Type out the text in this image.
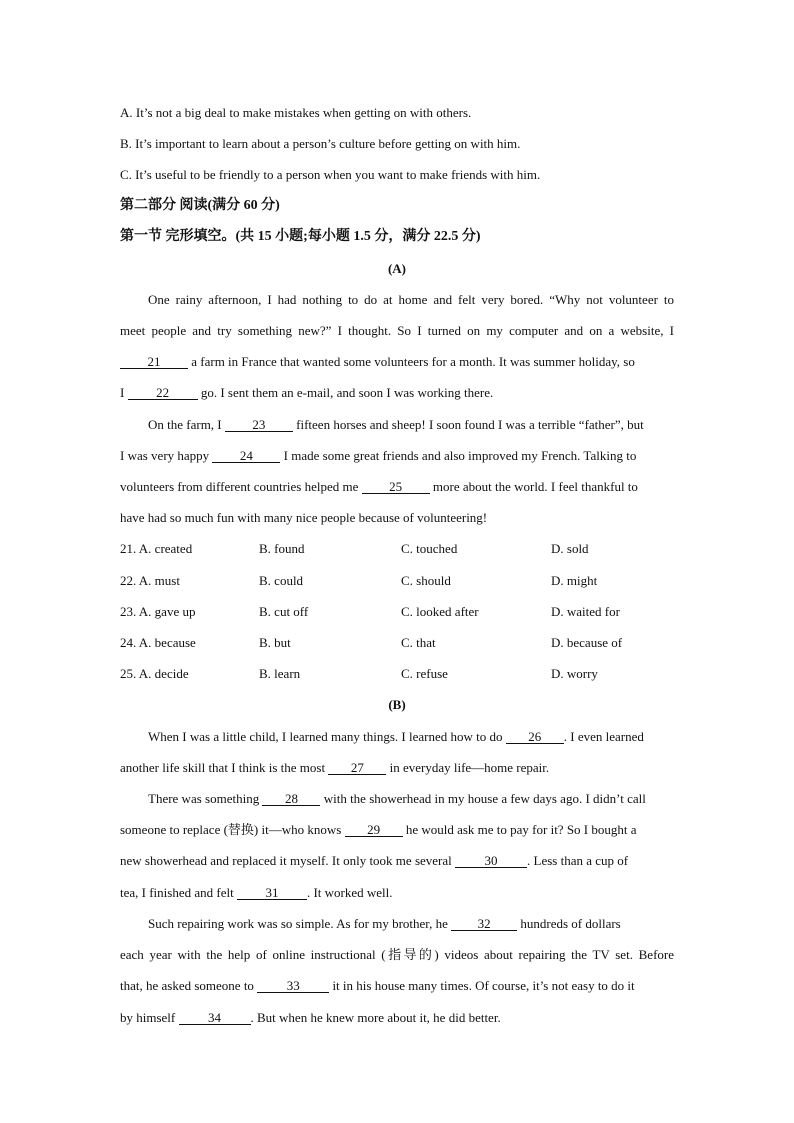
A. It’s not a big deal to make mistakes when getting on with others.
B. It’s important to learn about a person’s culture before getting on with him.
C. It’s useful to be friendly to a person when you want to make friends with him.
第二部分 阅读(满分 60 分)
第一节 完形填空。(共 15 小题;每小题 1.5 分，满分 22.5 分)
(A)
One rainy afternoon, I had nothing to do at home and felt very bored. “Why not volunteer to
meet people and try something new?” I thought. So I turned on my computer and on a website, I
21 a farm in France that wanted some volunteers for a month. It was summer holiday, so
I 22 go. I sent them an e-mail, and soon I was working there.
On the farm, I 23 fifteen horses and sheep! I soon found I was a terrible “father”, but
I was very happy 24 I made some great friends and also improved my French. Talking to
volunteers from different countries helped me 25 more about the world. I feel thankful to
have had so much fun with many nice people because of volunteering!
21. A. created	B. found	C. touched	D. sold
22. A. must	B. could	C. should	D. might
23. A. gave up	B. cut off	C. looked after	D. waited for
24. A. because	B. but	C. that	D. because of
25. A. decide	B. learn	C. refuse	D. worry
(B)
When I was a little child, I learned many things. I learned how to do 26 . I even learned
another life skill that I think is the most 27 in everyday life—home repair.
There was something 28 with the showerhead in my house a few days ago. I didn’t call
someone to replace (替换) it—who knows 29 he would ask me to pay for it? So I bought a
new showerhead and replaced it myself. It only took me several	30 . Less than a cup of
tea, I finished and felt 31 . It worked well.
Such repairing work was so simple. As for my brother, he 32 hundreds of dollars
each year with the help of online instructional (指导的) videos about repairing the TV set. Before
that, he asked someone to	33	it in his house many times. Of course, it’s not easy to do it
by himself	34 . But when he knew more about it, he did better.
